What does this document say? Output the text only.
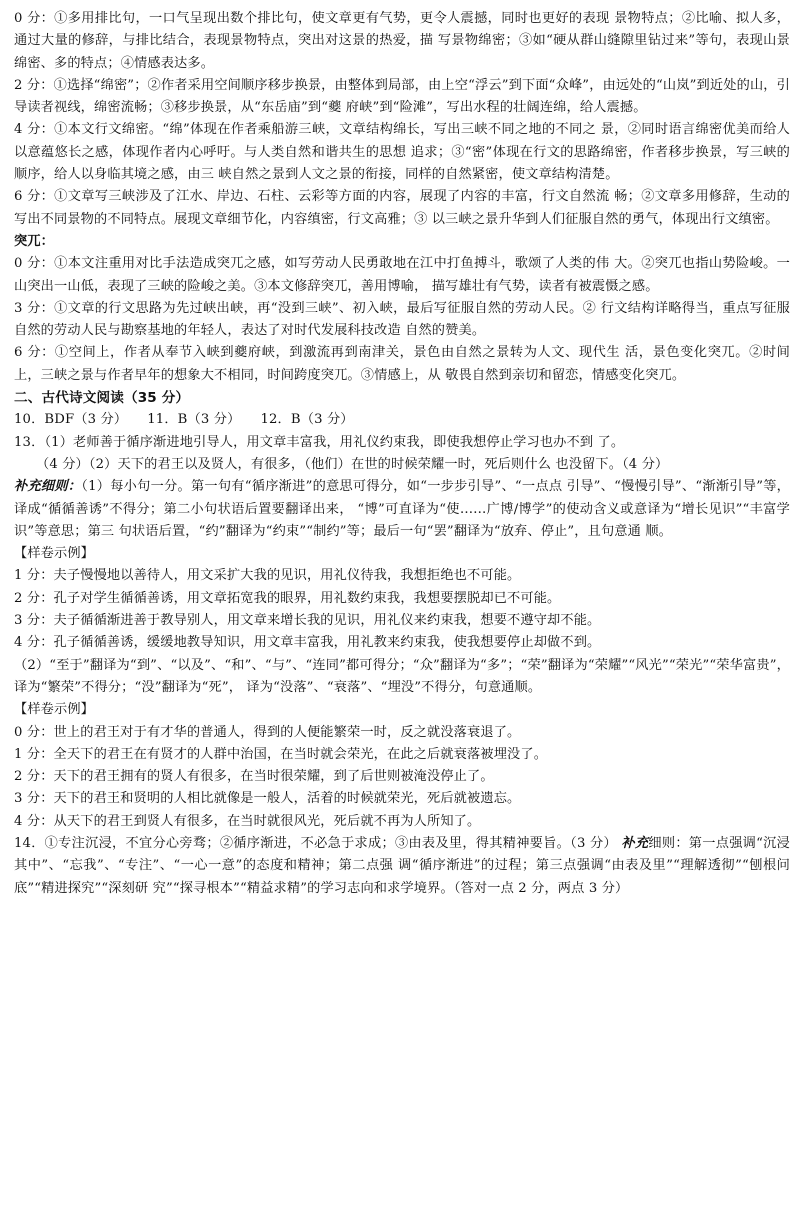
0 分：①多用排比句，一口气呈现出数个排比句，使文章更有气势，更令人震撼，同时也更好的表现 景物特点；②比喻、拟人多，通过大量的修辞，与排比结合，表现景物特点，突出对这景的热爱，描 写景物绵密；③如“硬从群山缝隙里钻过来”等句，表现山景绵密、多的特点；④情感表达多。

2 分：①选择“绵密”；②作者采用空间顺序移步换景，由整体到局部，由上空“浮云”到下面“众峰”，由远处的“山岚”到近处的山，引导读者视线，绵密流畅；③移步换景，从“东岳庙”到“夔 府峡”到“险滩”，写出水程的壮阔连绵，给人震撼。

4 分：①本文行文绵密。“绵”体现在作者乘船游三峡，文章结构绵长，写出三峡不同之地的不同之 景，②同时语言绵密优美而给人以意蕴悠长之感，体现作者内心呼吁。与人类自然和谐共生的思想 追求；③“密”体现在行文的思路绵密，作者移步换景，写三峡的顺序，给人以身临其境之感，由三 峡自然之景到人文之景的衔接，同样的自然紧密，使文章结构清楚。

6 分：①文章写三峡涉及了江水、岸边、石柱、云彩等方面的内容，展现了内容的丰富，行文自然流 畅；②文章多用修辞，生动的写出不同景物的不同特点。展现文章细节化，内容缜密，行文高雅；③ 以三峡之景升华到人们征服自然的勇气，体现出行文缜密。

突兀：

0 分：①本文注重用对比手法造成突兀之感，如写劳动人民勇敢地在江中打鱼搏斗，歌颂了人类的伟 大。②突兀也指山势险峻。一山突出一山低，表现了三峡的险峻之美。③本文修辞突兀，善用博喻， 描写雄壮有气势，读者有被震慑之感。

3 分：①文章的行文思路为先过峡出峡，再“没到三峡”、初入峡，最后写征服自然的劳动人民。② 行文结构详略得当，重点写征服自然的劳动人民与勘察基地的年轻人，表达了对时代发展科技改造 自然的赞美。

6 分：①空间上，作者从奉节入峡到夔府峡，到激流再到南津关，景色由自然之景转为人文、现代生 活，景色变化突兀。②时间上，三峡之景与作者早年的想象大不相同，时间跨度突兀。③情感上，从 敬畏自然到亲切和留恋，情感变化突兀。

二、古代诗文阅读（35 分）

10．BDF（3 分）　　11．B（3 分）　　12．B（3 分）

13．（1）老师善于循序渐进地引导人，用文章丰富我，用礼仪约束我，即使我想停止学习也办不到 了。

（4 分）（2）天下的君王以及贤人，有很多，（他们）在世的时候荣耀一时，死后则什么 也没留下。（4 分）

补充细则：（1）每小句一分。第一句有“循序渐进”的意思可得分，如“一步步引导”、“一点点 引导”、“慢慢引导”、“渐渐引导”等，译成“循循善诱”不得分；第二小句状语后置要翻译出来， “博”可直译为“使……广博/博学”的使动含义或意译为“增长见识”“丰富学识”等意思；第三 句状语后置，“约”翻译为“约束”“制约”等；最后一句“罢”翻译为“放弃、停止”，且句意通 顺。

【样卷示例】

1 分：夫子慢慢地以善待人，用文采扩大我的见识，用礼仪待我，我想拒绝也不可能。

2 分：孔子对学生循循善诱，用文章拓宽我的眼界，用礼数约束我，我想要摆脱却已不可能。

3 分：夫子循循渐进善于教导别人，用文章来增长我的见识，用礼仪来约束我，想要不遵守却不能。

4 分：孔子循循善诱，缓缓地教导知识，用文章丰富我，用礼教来约束我，使我想要停止却做不到。

（2）“至于”翻译为“到”、“以及”、“和”、“与”、“连同”都可得分；“众”翻译为“多”；“荣”翻译为“荣耀”“风光”“荣光”“荣华富贵”，译为“繁荣”不得分；“没”翻译为“死”， 译为“没落”、“衰落”、“埋没”不得分，句意通顺。

【样卷示例】

0 分：世上的君王对于有才华的普通人，得到的人便能繁荣一时，反之就没落衰退了。

1 分：全天下的君王在有贤才的人群中治国，在当时就会荣光，在此之后就衰落被埋没了。

2 分：天下的君王拥有的贤人有很多，在当时很荣耀，到了后世则被淹没停止了。

3 分：天下的君王和贤明的人相比就像是一般人，活着的时候就荣光，死后就被遗忘。

4 分：从天下的君王到贤人有很多，在当时就很风光，死后就不再为人所知了。

14．①专注沉浸，不宜分心旁骛；②循序渐进，不必急于求成；③由表及里，得其精神要旨。（3 分） 补充细则：第一点强调“沉浸其中”、“忘我”、“专注”、“一心一意”的态度和精神；第二点强 调“循序渐进”的过程；第三点强调“由表及里”“理解透彻”“刨根问底”“精进探究”“深刻研 究”“探寻根本”“精益求精”的学习志向和求学境界。（答对一点 2 分，两点 3 分）
